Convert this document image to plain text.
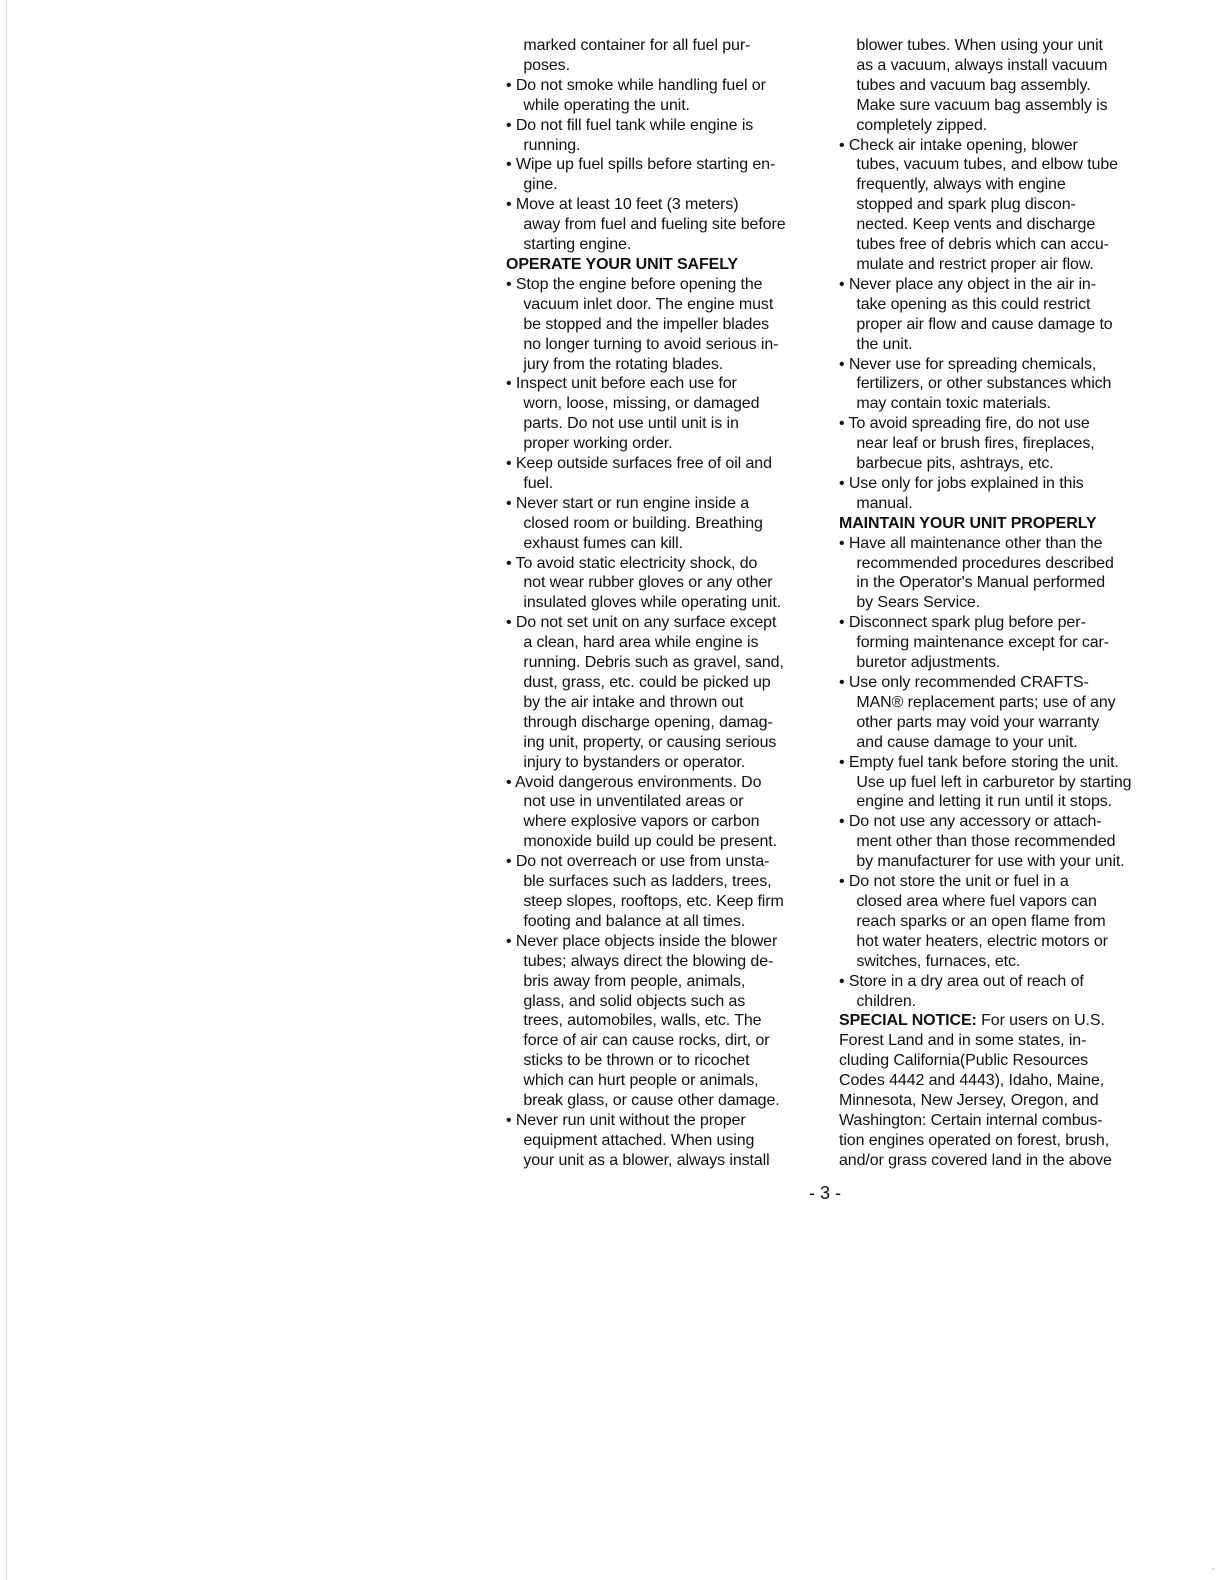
marked container for all fuel pur-
poses.
• Do not smoke while handling fuel or
while operating the unit.
• Do not fill fuel tank while engine is
running.
• Wipe up fuel spills before starting en-
gine.
• Move at least 10 feet (3 meters)
away from fuel and fueling site before
starting engine.
OPERATE YOUR UNIT SAFELY
• Stop the engine before opening the
vacuum inlet door. The engine must
be stopped and the impeller blades
no longer turning to avoid serious in-
jury from the rotating blades.
• Inspect unit before each use for
worn, loose, missing, or damaged
parts. Do not use until unit is in
proper working order.
• Keep outside surfaces free of oil and
fuel.
• Never start or run engine inside a
closed room or building. Breathing
exhaust fumes can kill.
• To avoid static electricity shock, do
not wear rubber gloves or any other
insulated gloves while operating unit.
• Do not set unit on any surface except
a clean, hard area while engine is
running. Debris such as gravel, sand,
dust, grass, etc. could be picked up
by the air intake and thrown out
through discharge opening, damag-
ing unit, property, or causing serious
injury to bystanders or operator.
• Avoid dangerous environments. Do
not use in unventilated areas or
where explosive vapors or carbon
monoxide build up could be present.
• Do not overreach or use from unsta-
ble surfaces such as ladders, trees,
steep slopes, rooftops, etc. Keep firm
footing and balance at all times.
• Never place objects inside the blower
tubes; always direct the blowing de-
bris away from people, animals,
glass, and solid objects such as
trees, automobiles, walls, etc. The
force of air can cause rocks, dirt, or
sticks to be thrown or to ricochet
which can hurt people or animals,
break glass, or cause other damage.
• Never run unit without the proper
equipment attached. When using
your unit as a blower, always install
blower tubes. When using your unit
as a vacuum, always install vacuum
tubes and vacuum bag assembly.
Make sure vacuum bag assembly is
completely zipped.
• Check air intake opening, blower
tubes, vacuum tubes, and elbow tube
frequently, always with engine
stopped and spark plug discon-
nected. Keep vents and discharge
tubes free of debris which can accu-
mulate and restrict proper air flow.
• Never place any object in the air in-
take opening as this could restrict
proper air flow and cause damage to
the unit.
• Never use for spreading chemicals,
fertilizers, or other substances which
may contain toxic materials.
• To avoid spreading fire, do not use
near leaf or brush fires, fireplaces,
barbecue pits, ashtrays, etc.
• Use only for jobs explained in this
manual.
MAINTAIN YOUR UNIT PROPERLY
• Have all maintenance other than the
recommended procedures described
in the Operator's Manual performed
by Sears Service.
• Disconnect spark plug before per-
forming maintenance except for car-
buretor adjustments.
• Use only recommended CRAFTS-
MAN® replacement parts; use of any
other parts may void your warranty
and cause damage to your unit.
• Empty fuel tank before storing the unit.
Use up fuel left in carburetor by starting
engine and letting it run until it stops.
• Do not use any accessory or attach-
ment other than those recommended
by manufacturer for use with your unit.
• Do not store the unit or fuel in a
closed area where fuel vapors can
reach sparks or an open flame from
hot water heaters, electric motors or
switches, furnaces, etc.
• Store in a dry area out of reach of
children.
SPECIAL NOTICE: For users on U.S.
Forest Land and in some states, in-
cluding California(Public Resources
Codes 4442 and 4443), Idaho, Maine,
Minnesota, New Jersey, Oregon, and
Washington: Certain internal combus-
tion engines operated on forest, brush,
and/or grass covered land in the above
- 3 -
